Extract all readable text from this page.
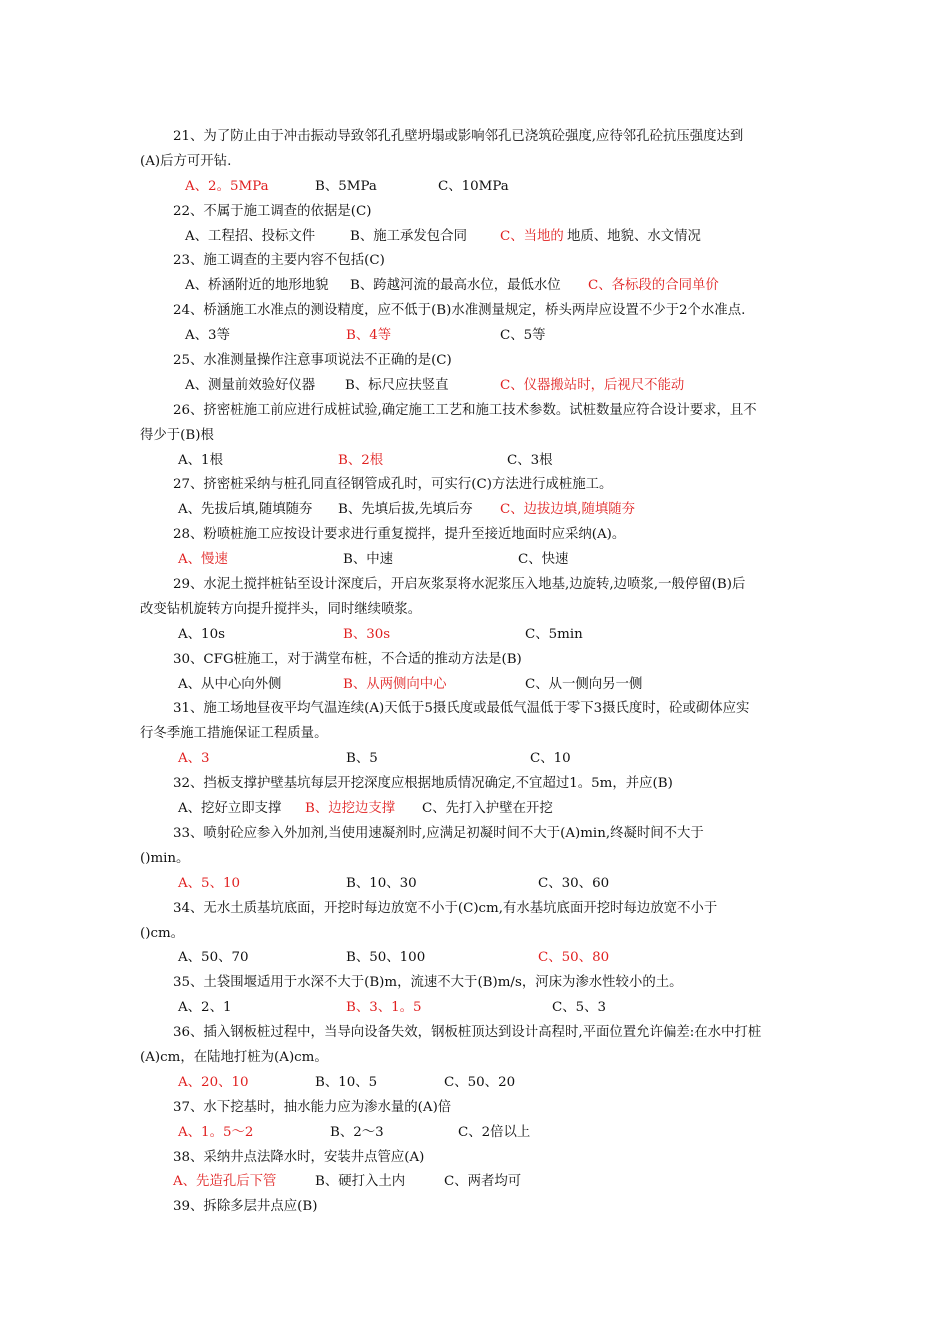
21、为了防止由于冲击振动导致邻孔孔壁坍塌或影响邻孔已浇筑砼强度,应待邻孔砼抗压强度达到
(A)后方可开钻.
A、2。5MPa	B、5MPa	C、10MPa
22、不属于施工调查的依据是(C)
A、工程招、投标文件	B、施工承发包合同 C、当地的 地质、地貌、水文情况
23、施工调查的主要内容不包括(C)
A、桥涵附近的地形地貌 B、跨越河流的最高水位，最低水位 C、各标段的合同单价
24、桥涵施工水准点的测设精度，应不低于(B)水准测量规定，桥头两岸应设置不少于2个水准点.
A、3等	B、4等	C、5等
25、水准测量操作注意事项说法不正确的是(C)
A、测量前效验好仪器 B、标尺应扶竖直	C、仪器搬站时，后视尺不能动
26、挤密桩施工前应进行成桩试验,确定施工工艺和施工技术参数。试桩数量应符合设计要求，且不
得少于(B)根
A、1根	B、2根	C、3根
27、挤密桩采纳与桩孔同直径钢管成孔时，可实行(C)方法进行成桩施工。
A、先拔后填,随填随夯 B、先填后拔,先填后夯 C、边拔边填,随填随夯
28、粉喷桩施工应按设计要求进行重复搅拌，提升至接近地面时应采纳(A)。
A、慢速	B、中速	C、快速
29、水泥土搅拌桩钻至设计深度后，开启灰浆泵将水泥浆压入地基,边旋转,边喷浆,一般停留(B)后
改变钻机旋转方向提升搅拌头，同时继续喷浆。
A、10s	B、30s	C、5min
30、CFG桩施工，对于满堂布桩，不合适的推动方法是(B)
A、从中心向外侧	B、从两侧向中心	C、从一侧向另一侧
31、施工场地昼夜平均气温连续(A)天低于5摄氏度或最低气温低于零下3摄氏度时，砼或砌体应实
行冬季施工措施保证工程质量。
A、3	B、5	C、10
32、挡板支撑护壁基坑每层开挖深度应根据地质情况确定,不宜超过1。5m，并应(B)
A、挖好立即支撑 B、边挖边支撑 C、先打入护壁在开挖
33、喷射砼应参入外加剂,当使用速凝剂时,应满足初凝时间不大于(A)min,终凝时间不大于
()min。
A、5、10	B、10、30	C、30、60
34、无水土质基坑底面，开挖时每边放宽不小于(C)cm,有水基坑底面开挖时每边放宽不小于
()cm。
A、50、70	B、50、100	C、50、80
35、土袋围堰适用于水深不大于(B)m，流速不大于(B)m/s，河床为渗水性较小的土。
A、2、1	B、3、1。5	C、5、3
36、插入钢板桩过程中，当导向设备失效，钢板桩顶达到设计高程时,平面位置允许偏差:在水中打桩
(A)cm，在陆地打桩为(A)cm。
A、20、10	B、10、5	C、50、20
37、水下挖基时，抽水能力应为渗水量的(A)倍
A、1。5～2	B、2～3	C、2倍以上
38、采纳井点法降水时，安装井点管应(A)
A、先造孔后下管	B、硬打入土内	C、两者均可
39、拆除多层井点应(B)
